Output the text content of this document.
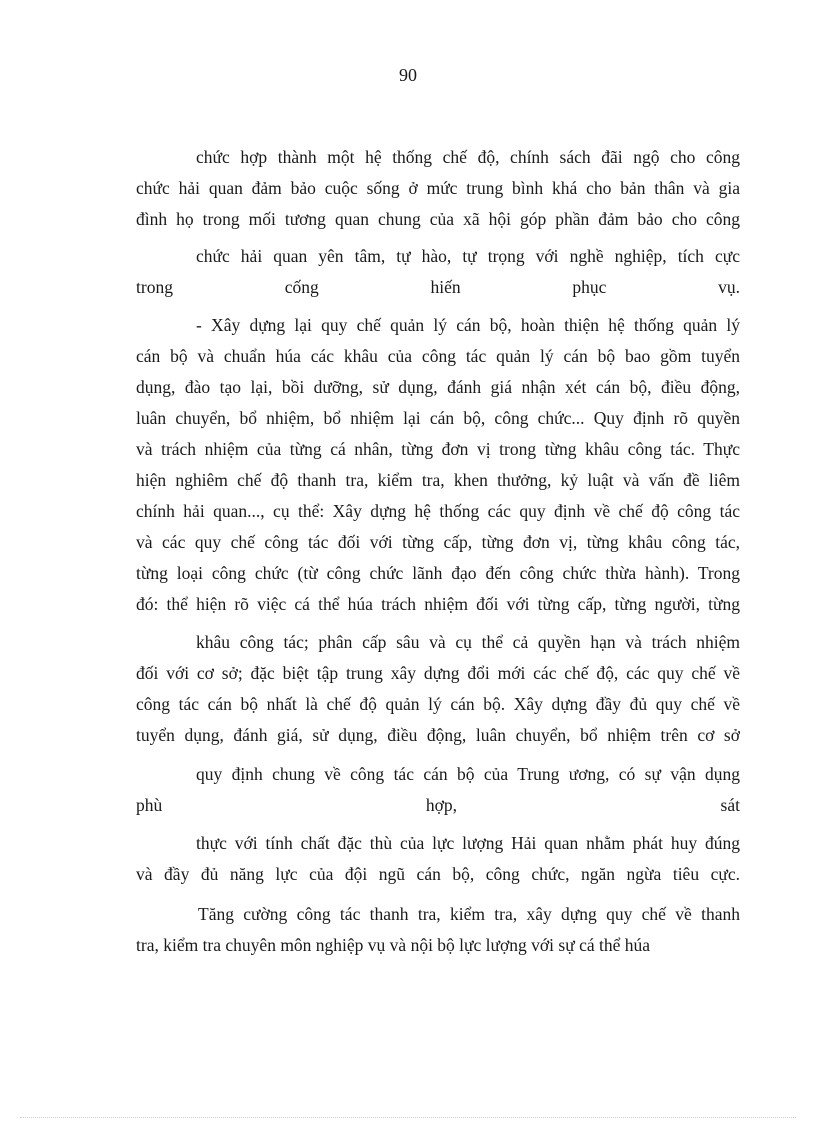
90
chức hợp thành một hệ thống chế độ, chính sách đãi ngộ cho công
chức hải quan đảm bảo cuộc sống ở mức trung bình khá cho bản thân và gia
đình họ trong mối tương quan chung của xã hội góp phần đảm bảo cho công
chức hải quan yên tâm, tự hào, tự trọng với nghề nghiệp, tích cực
trong	cống	hiến	phục	vụ.
- Xây dựng lại quy chế quản lý cán bộ, hoàn thiện hệ thống quản lý
cán bộ và chuẩn húa các khâu của công tác quản lý cán bộ bao gồm tuyển
dụng, đào tạo lại, bồi dưỡng, sử dụng, đánh giá nhận xét cán bộ, điều động,
luân chuyển, bổ nhiệm, bổ nhiệm lại cán bộ, công chức... Quy định rõ quyền
và trách nhiệm của từng cá nhân, từng đơn vị trong từng khâu công tác. Thực
hiện nghiêm chế độ thanh tra, kiểm tra, khen thưởng, kỷ luật và vấn đề liêm
chính hải quan..., cụ thể: Xây dựng hệ thống các quy định về chế độ công tác
và các quy chế công tác đối với từng cấp, từng đơn vị, từng khâu công tác,
từng loại công chức (từ công chức lãnh đạo đến công chức thừa hành). Trong
đó: thể hiện rõ việc cá thể húa trách nhiệm đối với từng cấp, từng người, từng
khâu công tác; phân cấp sâu và cụ thể cả quyền hạn và trách nhiệm
đối với cơ sở; đặc biệt tập trung xây dựng đổi mới các chế độ, các quy chế về
công tác cán bộ nhất là chế độ quản lý cán bộ. Xây dựng đầy đủ quy chế về
tuyển dụng, đánh giá, sử dụng, điều động, luân chuyển, bổ nhiệm trên cơ sở
quy định chung về công tác cán bộ của Trung ương, có sự vận dụng
phù	hợp,	sát
thực với tính chất đặc thù của lực lượng Hải quan nhằm phát huy đúng
và đầy đủ năng lực của đội ngũ cán bộ, công chức, ngăn ngừa tiêu cực.
Tăng cường công tác thanh tra, kiểm tra, xây dựng quy chế về thanh
tra, kiểm tra chuyên môn nghiệp vụ và nội bộ lực lượng với sự cá thể húa
